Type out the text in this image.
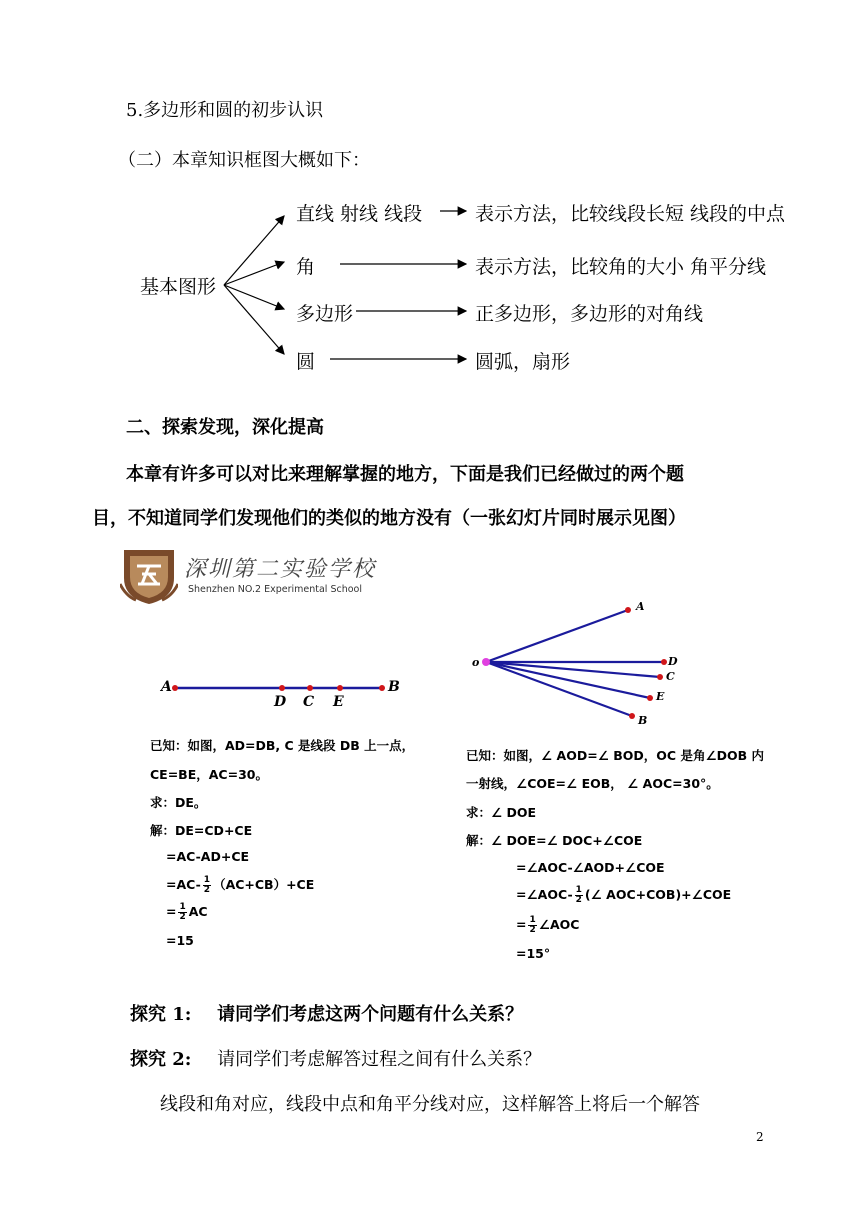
5.多边形和圆的初步认识
（二）本章知识框图大概如下：
基本图形
直线 射线 线段	表示方法，比较线段长短 线段的中点
角	表示方法，比较角的大小 角平分线
多边形	正多边形，多边形的对角线
圆	圆弧，扇形
二、探索发现，深化提高
本章有许多可以对比来理解掌握的地方，下面是我们已经做过的两个题
目，不知道同学们发现他们的类似的地方没有（一张幻灯片同时展示见图）
深圳第二实验学校
Shenzhen NO.2 Experimental School
A
D C E
B
已知：如图，AD=DB, C 是线段 DB 上一点，
CE=BE，AC=30。
求：DE。
解：DE=CD+CE
=AC-AD+CE
$=AC- \frac{1}{2} (AC+CB)+CE$
= $\frac{1}{2}$ AC
=15
o
A
D
C
E
B
已知：如图，∠ AOD=∠ BOD，OC 是角∠DOB 内
一射线，∠COE=∠ EOB， ∠ AOC=30°。
求：∠ DOE
解：∠ DOE=∠ DOC+∠COE
=∠AOC-∠AOD+∠COE
=∠AOC- $\frac{1}{2}$ (∠ AOC+COB)+∠COE
= $\frac{1}{2}$ ∠AOC
=15°
探究 1: 请同学们考虑这两个问题有什么关系？
探究 2: 请同学们考虑解答过程之间有什么关系？
线段和角对应，线段中点和角平分线对应，这样解答上将后一个解答
2
